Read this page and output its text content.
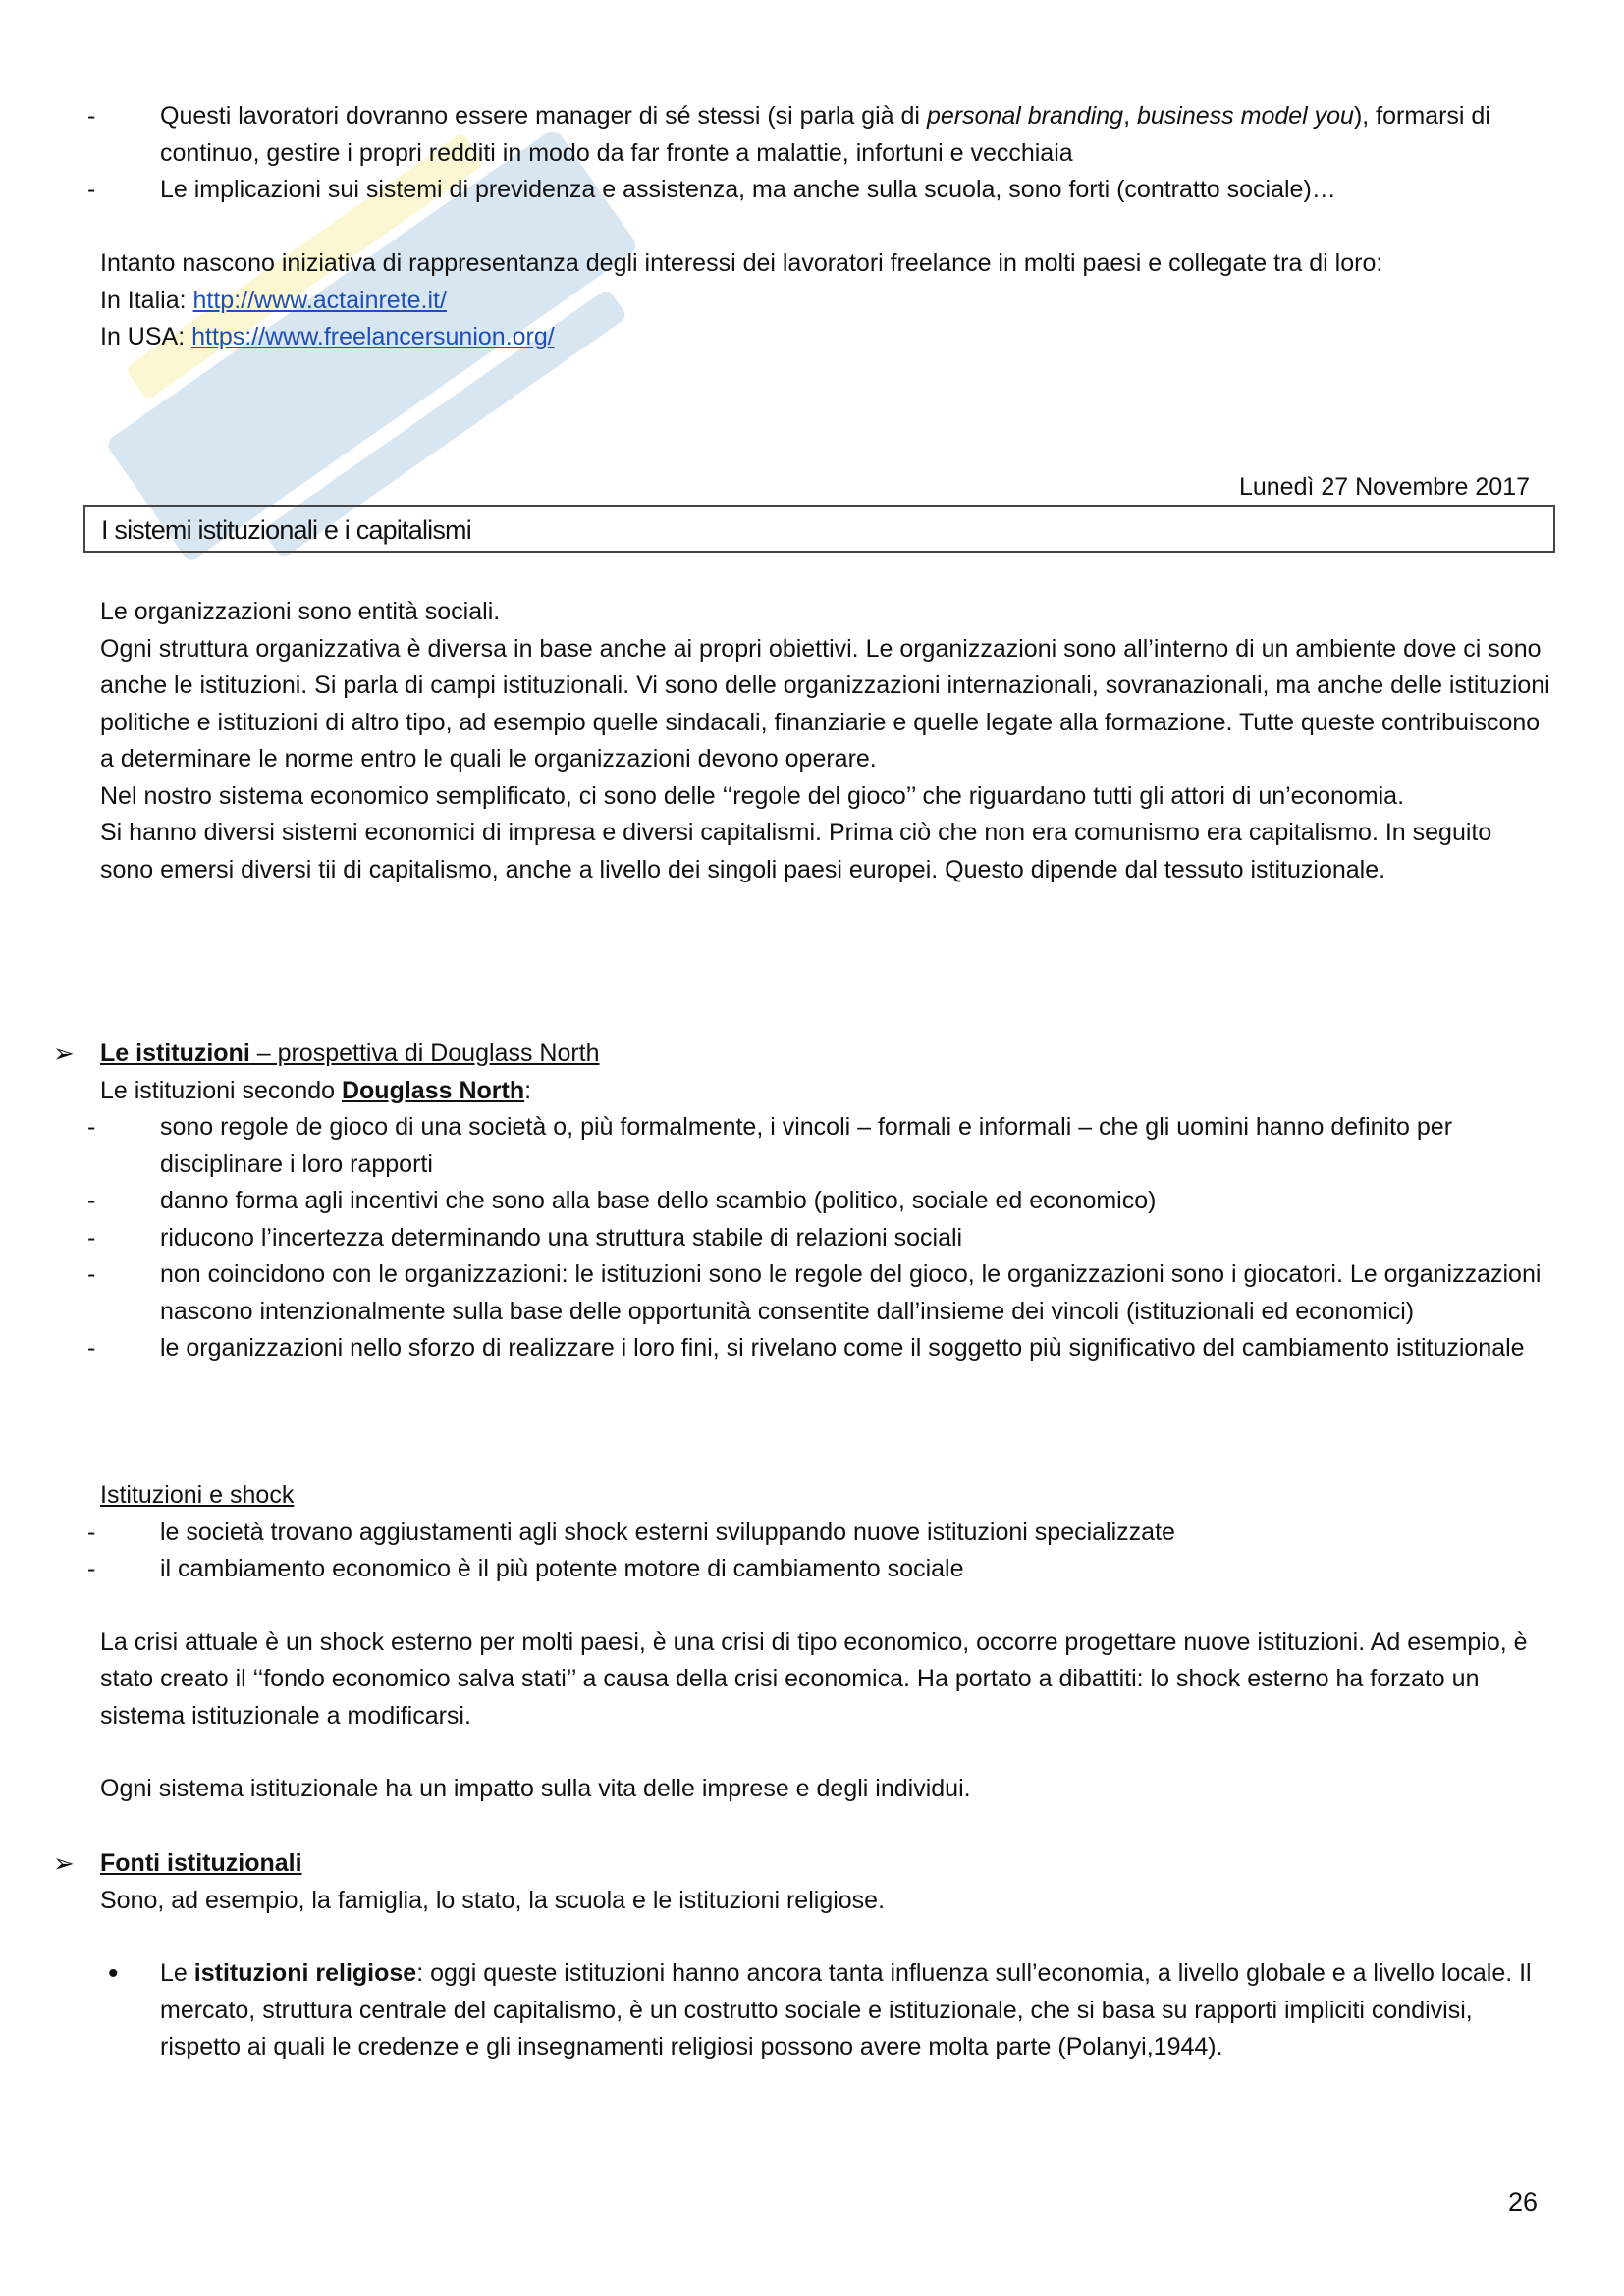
- Questi lavoratori dovranno essere manager di sé stessi (si parla già di personal branding, business model you), formarsi di continuo, gestire i propri redditi in modo da far fronte a malattie, infortuni e vecchiaia
- Le implicazioni sui sistemi di previdenza e assistenza, ma anche sulla scuola, sono forti (contratto sociale)…

Intanto nascono iniziativa di rappresentanza degli interessi dei lavoratori freelance in molti paesi e collegate tra di loro:

In Italia: http://www.actainrete.it/

In USA: https://www.freelancersunion.org/

Lunedì 27 Novembre 2017
I sistemi istituzionali e i capitalismi

Le organizzazioni sono entità sociali.

Ogni struttura organizzativa è diversa in base anche ai propri obiettivi. Le organizzazioni sono all’interno di un ambiente dove ci sono anche le istituzioni. Si parla di campi istituzionali. Vi sono delle organizzazioni internazionali, sovranazionali, ma anche delle istituzioni politiche e istituzioni di altro tipo, ad esempio quelle sindacali, finanziarie e quelle legate alla formazione. Tutte queste contribuiscono a determinare le norme entro le quali le organizzazioni devono operare.

Nel nostro sistema economico semplificato, ci sono delle ‘‘regole del gioco’’ che riguardano tutti gli attori di un’economia.

Si hanno diversi sistemi economici di impresa e diversi capitalismi. Prima ciò che non era comunismo era capitalismo. In seguito sono emersi diversi tii di capitalismo, anche a livello dei singoli paesi europei. Questo dipende dal tessuto istituzionale.

➢ Le istituzioni – prospettiva di Douglass North

Le istituzioni secondo Douglass North:

- sono regole de gioco di una società o, più formalmente, i vincoli – formali e informali – che gli uomini hanno definito per disciplinare i loro rapporti
- danno forma agli incentivi che sono alla base dello scambio (politico, sociale ed economico)
- riducono l’incertezza determinando una struttura stabile di relazioni sociali
- non coincidono con le organizzazioni: le istituzioni sono le regole del gioco, le organizzazioni sono i giocatori. Le organizzazioni nascono intenzionalmente sulla base delle opportunità consentite dall’insieme dei vincoli (istituzionali ed economici)
- le organizzazioni nello sforzo di realizzare i loro fini, si rivelano come il soggetto più significativo del cambiamento istituzionale

Istituzioni e shock

- le società trovano aggiustamenti agli shock esterni sviluppando nuove istituzioni specializzate
- il cambiamento economico è il più potente motore di cambiamento sociale

La crisi attuale è un shock esterno per molti paesi, è una crisi di tipo economico, occorre progettare nuove istituzioni. Ad esempio, è stato creato il ‘‘fondo economico salva stati’’ a causa della crisi economica. Ha portato a dibattiti: lo shock esterno ha forzato un sistema istituzionale a modificarsi.

Ogni sistema istituzionale ha un impatto sulla vita delle imprese e degli individui.

➢ Fonti istituzionali

Sono, ad esempio, la famiglia, lo stato, la scuola e le istituzioni religiose.

• Le istituzioni religiose: oggi queste istituzioni hanno ancora tanta influenza sull’economia, a livello globale e a livello locale. Il mercato, struttura centrale del capitalismo, è un costrutto sociale e istituzionale, che si basa su rapporti impliciti condivisi, rispetto ai quali le credenze e gli insegnamenti religiosi possono avere molta parte (Polanyi,1944).

26
